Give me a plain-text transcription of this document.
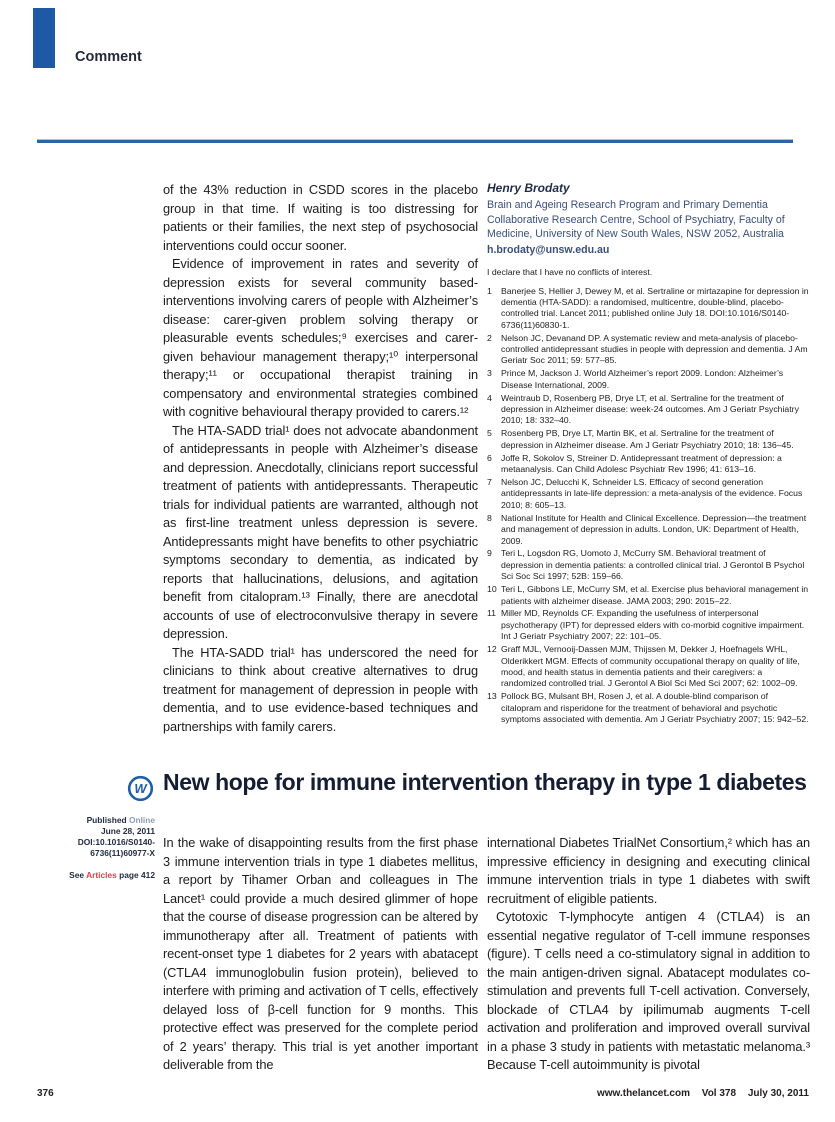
Comment

of the 43% reduction in CSDD scores in the placebo group in that time. If waiting is too distressing for patients or their families, the next step of psychosocial interventions could occur sooner.

Evidence of improvement in rates and severity of depression exists for several community based-interventions involving carers of people with Alzheimer’s disease: carer-given problem solving therapy or pleasurable events schedules;⁹ exercises and carer-given behaviour management therapy;¹⁰ interpersonal therapy;¹¹ or occupational therapist training in compensatory and environmental strategies combined with cognitive behavioural therapy provided to carers.¹²

The HTA-SADD trial¹ does not advocate abandonment of antidepressants in people with Alzheimer’s disease and depression. Anecdotally, clinicians report successful treatment of patients with antidepressants. Therapeutic trials for individual patients are warranted, although not as first-line treatment unless depression is severe. Antidepressants might have benefits to other psychiatric symptoms secondary to dementia, as indicated by reports that hallucinations, delusions, and agitation benefit from citalopram.¹³ Finally, there are anecdotal accounts of use of electroconvulsive therapy in severe depression.

The HTA-SADD trial¹ has underscored the need for clinicians to think about creative alternatives to drug treatment for management of depression in people with dementia, and to use evidence-based techniques and partnerships with family carers.

Henry Brodaty
Brain and Ageing Research Program and Primary Dementia Collaborative Research Centre, School of Psychiatry, Faculty of Medicine, University of New South Wales, NSW 2052, Australia
h.brodaty@unsw.edu.au
I declare that I have no conflicts of interest.
1	Banerjee S, Hellier J, Dewey M, et al. Sertraline or mirtazapine for depression in dementia (HTA-SADD): a randomised, multicentre, double-blind, placebo-controlled trial. Lancet 2011; published online July 18. DOI:10.1016/S0140-6736(11)60830-1.
2	Nelson JC, Devanand DP. A systematic review and meta-analysis of placebo-controlled antidepressant studies in people with depression and dementia. J Am Geriatr Soc 2011; 59: 577–85.
3	Prince M, Jackson J. World Alzheimer’s report 2009. London: Alzheimer’s Disease International, 2009.
4	Weintraub D, Rosenberg PB, Drye LT, et al. Sertraline for the treatment of depression in Alzheimer disease: week-24 outcomes. Am J Geriatr Psychiatry 2010; 18: 332–40.
5	Rosenberg PB, Drye LT, Martin BK, et al. Sertraline for the treatment of depression in Alzheimer disease. Am J Geriatr Psychiatry 2010; 18: 136–45.
6	Joffe R, Sokolov S, Streiner D. Antidepressant treatment of depression: a metaanalysis. Can Child Adolesc Psychiatr Rev 1996; 41: 613–16.
7	Nelson JC, Delucchi K, Schneider LS. Efficacy of second generation antidepressants in late-life depression: a meta-analysis of the evidence. Focus 2010; 8: 605–13.
8	National Institute for Health and Clinical Excellence. Depression—the treatment and management of depression in adults. London, UK: Department of Health, 2009.
9	Teri L, Logsdon RG, Uomoto J, McCurry SM. Behavioral treatment of depression in dementia patients: a controlled clinical trial. J Gerontol B Psychol Sci Soc Sci 1997; 52B: 159–66.
10 Teri L, Gibbons LE, McCurry SM, et al. Exercise plus behavioral management in patients with alzheimer disease. JAMA 2003; 290: 2015–22.
11 Miller MD, Reynolds CF. Expanding the usefulness of interpersonal psychotherapy (IPT) for depressed elders with co-morbid cognitive impairment. Int J Geriatr Psychiatry 2007; 22: 101–05.
12 Graff MJL, Vernooij-Dassen MJM, Thijssen M, Dekker J, Hoefnagels WHL, Olderikkert MGM. Effects of community occupational therapy on quality of life, mood, and health status in dementia patients and their caregivers: a randomized controlled trial. J Gerontol A Biol Sci Med Sci 2007; 62: 1002–09.
13 Pollock BG, Mulsant BH, Rosen J, et al. A double-blind comparison of citalopram and risperidone for the treatment of behavioral and psychotic symptoms associated with dementia. Am J Geriatr Psychiatry 2007; 15: 942–52.
W New hope for immune intervention therapy in type 1 diabetes
Published Online
June 28, 2011
DOI:10.1016/S0140-
6736(11)60977-X
See Articles page 412

In the wake of disappointing results from the first phase 3 immune intervention trials in type 1 diabetes mellitus, a report by Tihamer Orban and colleagues in The Lancet¹ could provide a much desired glimmer of hope that the course of disease progression can be altered by immunotherapy after all. Treatment of patients with recent-onset type 1 diabetes for 2 years with abatacept (CTLA4 immunoglobulin fusion protein), believed to interfere with priming and activation of T cells, effectively delayed loss of β-cell function for 9 months. This protective effect was preserved for the complete period of 2 years’ therapy. This trial is yet another important deliverable from the

international Diabetes TrialNet Consortium,² which has an impressive efficiency in designing and executing clinical immune intervention trials in type 1 diabetes with swift recruitment of eligible patients.

Cytotoxic T-lymphocyte antigen 4 (CTLA4) is an essential negative regulator of T-cell immune responses (figure). T cells need a co-stimulatory signal in addition to the main antigen-driven signal. Abatacept modulates co-stimulation and prevents full T-cell activation. Conversely, blockade of CTLA4 by ipilimumab augments T-cell activation and proliferation and improved overall survival in a phase 3 study in patients with metastatic melanoma.³ Because T-cell autoimmunity is pivotal

376	www.thelancet.com Vol 378 July 30, 2011
